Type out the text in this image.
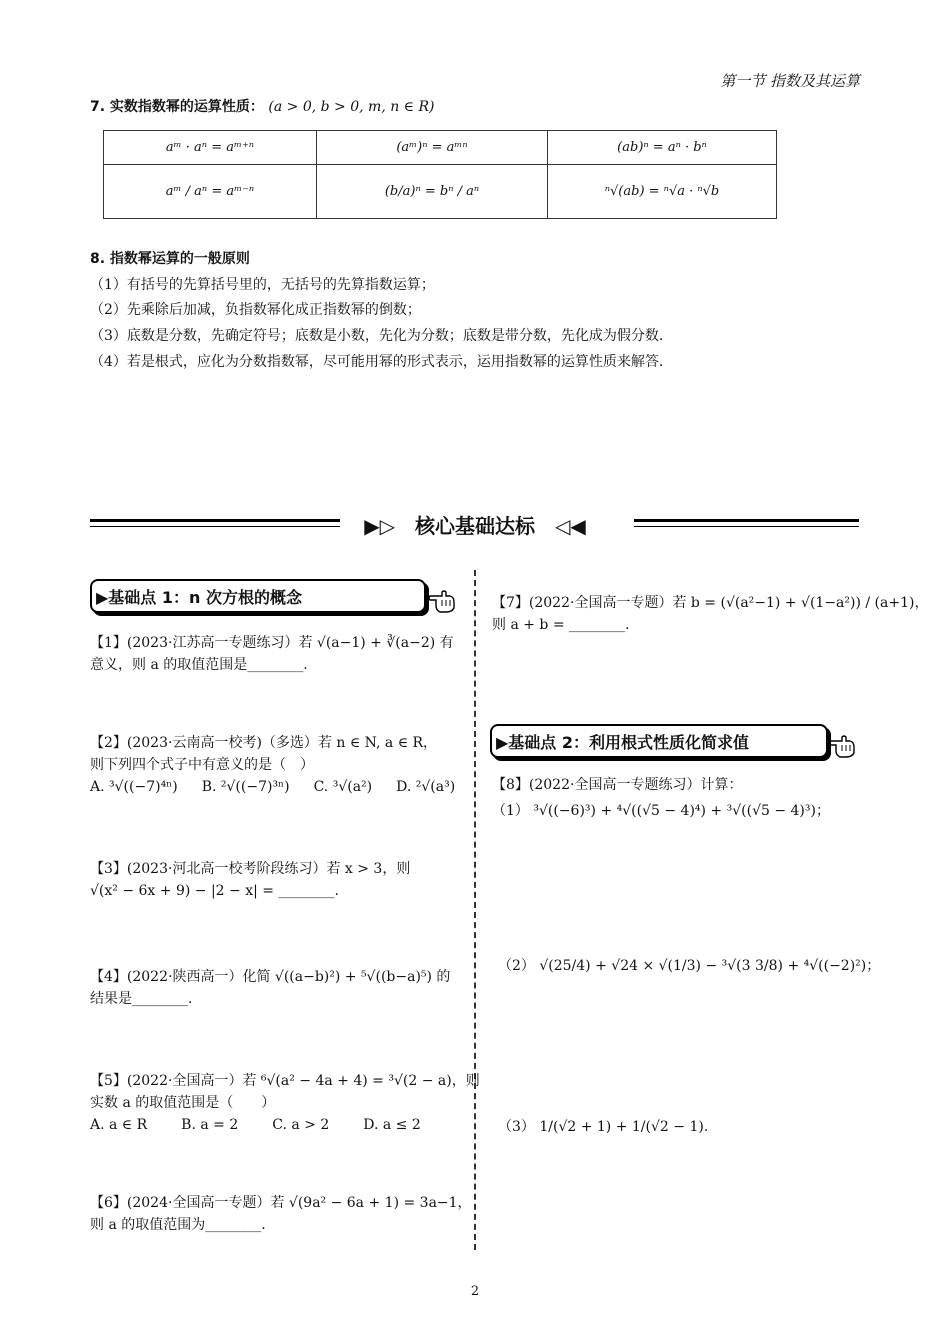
第一节 指数及其运算
7. 实数指数幂的运算性质： (a > 0, b > 0, m, n ∈ R)
aᵐ · aⁿ = aᵐ⁺ⁿ	(aᵐ)ⁿ = aᵐⁿ	(ab)ⁿ = aⁿ · bⁿ
aᵐ / aⁿ = aᵐ⁻ⁿ	(b/a)ⁿ = bⁿ / aⁿ	ⁿ√(ab) = ⁿ√a · ⁿ√b
8. 指数幂运算的一般原则
（1）有括号的先算括号里的，无括号的先算指数运算；
（2）先乘除后加减，负指数幂化成正指数幂的倒数；
（3）底数是分数，先确定符号；底数是小数，先化为分数；底数是带分数，先化成为假分数.
（4）若是根式，应化为分数指数幂，尽可能用幂的形式表示，运用指数幂的运算性质来解答.
▶▷　核心基础达标　◁◀
▶基础点 1：n 次方根的概念
【1】(2023·江苏高一专题练习）若 √(a−1) + ∛(a−2) 有
意义，则 a 的取值范围是________.
【2】(2023·云南高一校考)（多选）若 n ∈ N, a ∈ R，
则下列四个式子中有意义的是（　）
A. ³√((−7)⁴ⁿ) B. ²√((−7)³ⁿ) C. ³√(a²) D. ²√(a³)
【3】(2023·河北高一校考阶段练习）若 x > 3，则
√(x² − 6x + 9) − |2 − x| = ________.
【4】(2022·陕西高一）化简 √((a−b)²) + ⁵√((b−a)⁵) 的
结果是________.
【5】(2022·全国高一）若 ⁶√(a² − 4a + 4) = ³√(2 − a)，则
实数 a 的取值范围是（　　）
A. a ∈ R B. a = 2 C. a > 2 D. a ≤ 2
【6】(2024·全国高一专题）若 √(9a² − 6a + 1) = 3a−1，
则 a 的取值范围为________.
【7】(2022·全国高一专题）若 b = (√(a²−1) + √(1−a²)) / (a+1)，
则 a + b = ________.
▶基础点 2：利用根式性质化简求值
【8】(2022·全国高一专题练习）计算：
（1） ³√((−6)³) + ⁴√((√5 − 4)⁴) + ³√((√5 − 4)³)；
（2） √(25/4) + √24 × √(1/3) − ³√(3 3/8) + ⁴√((−2)²)；
（3） 1/(√2 + 1) + 1/(√2 − 1).
2
